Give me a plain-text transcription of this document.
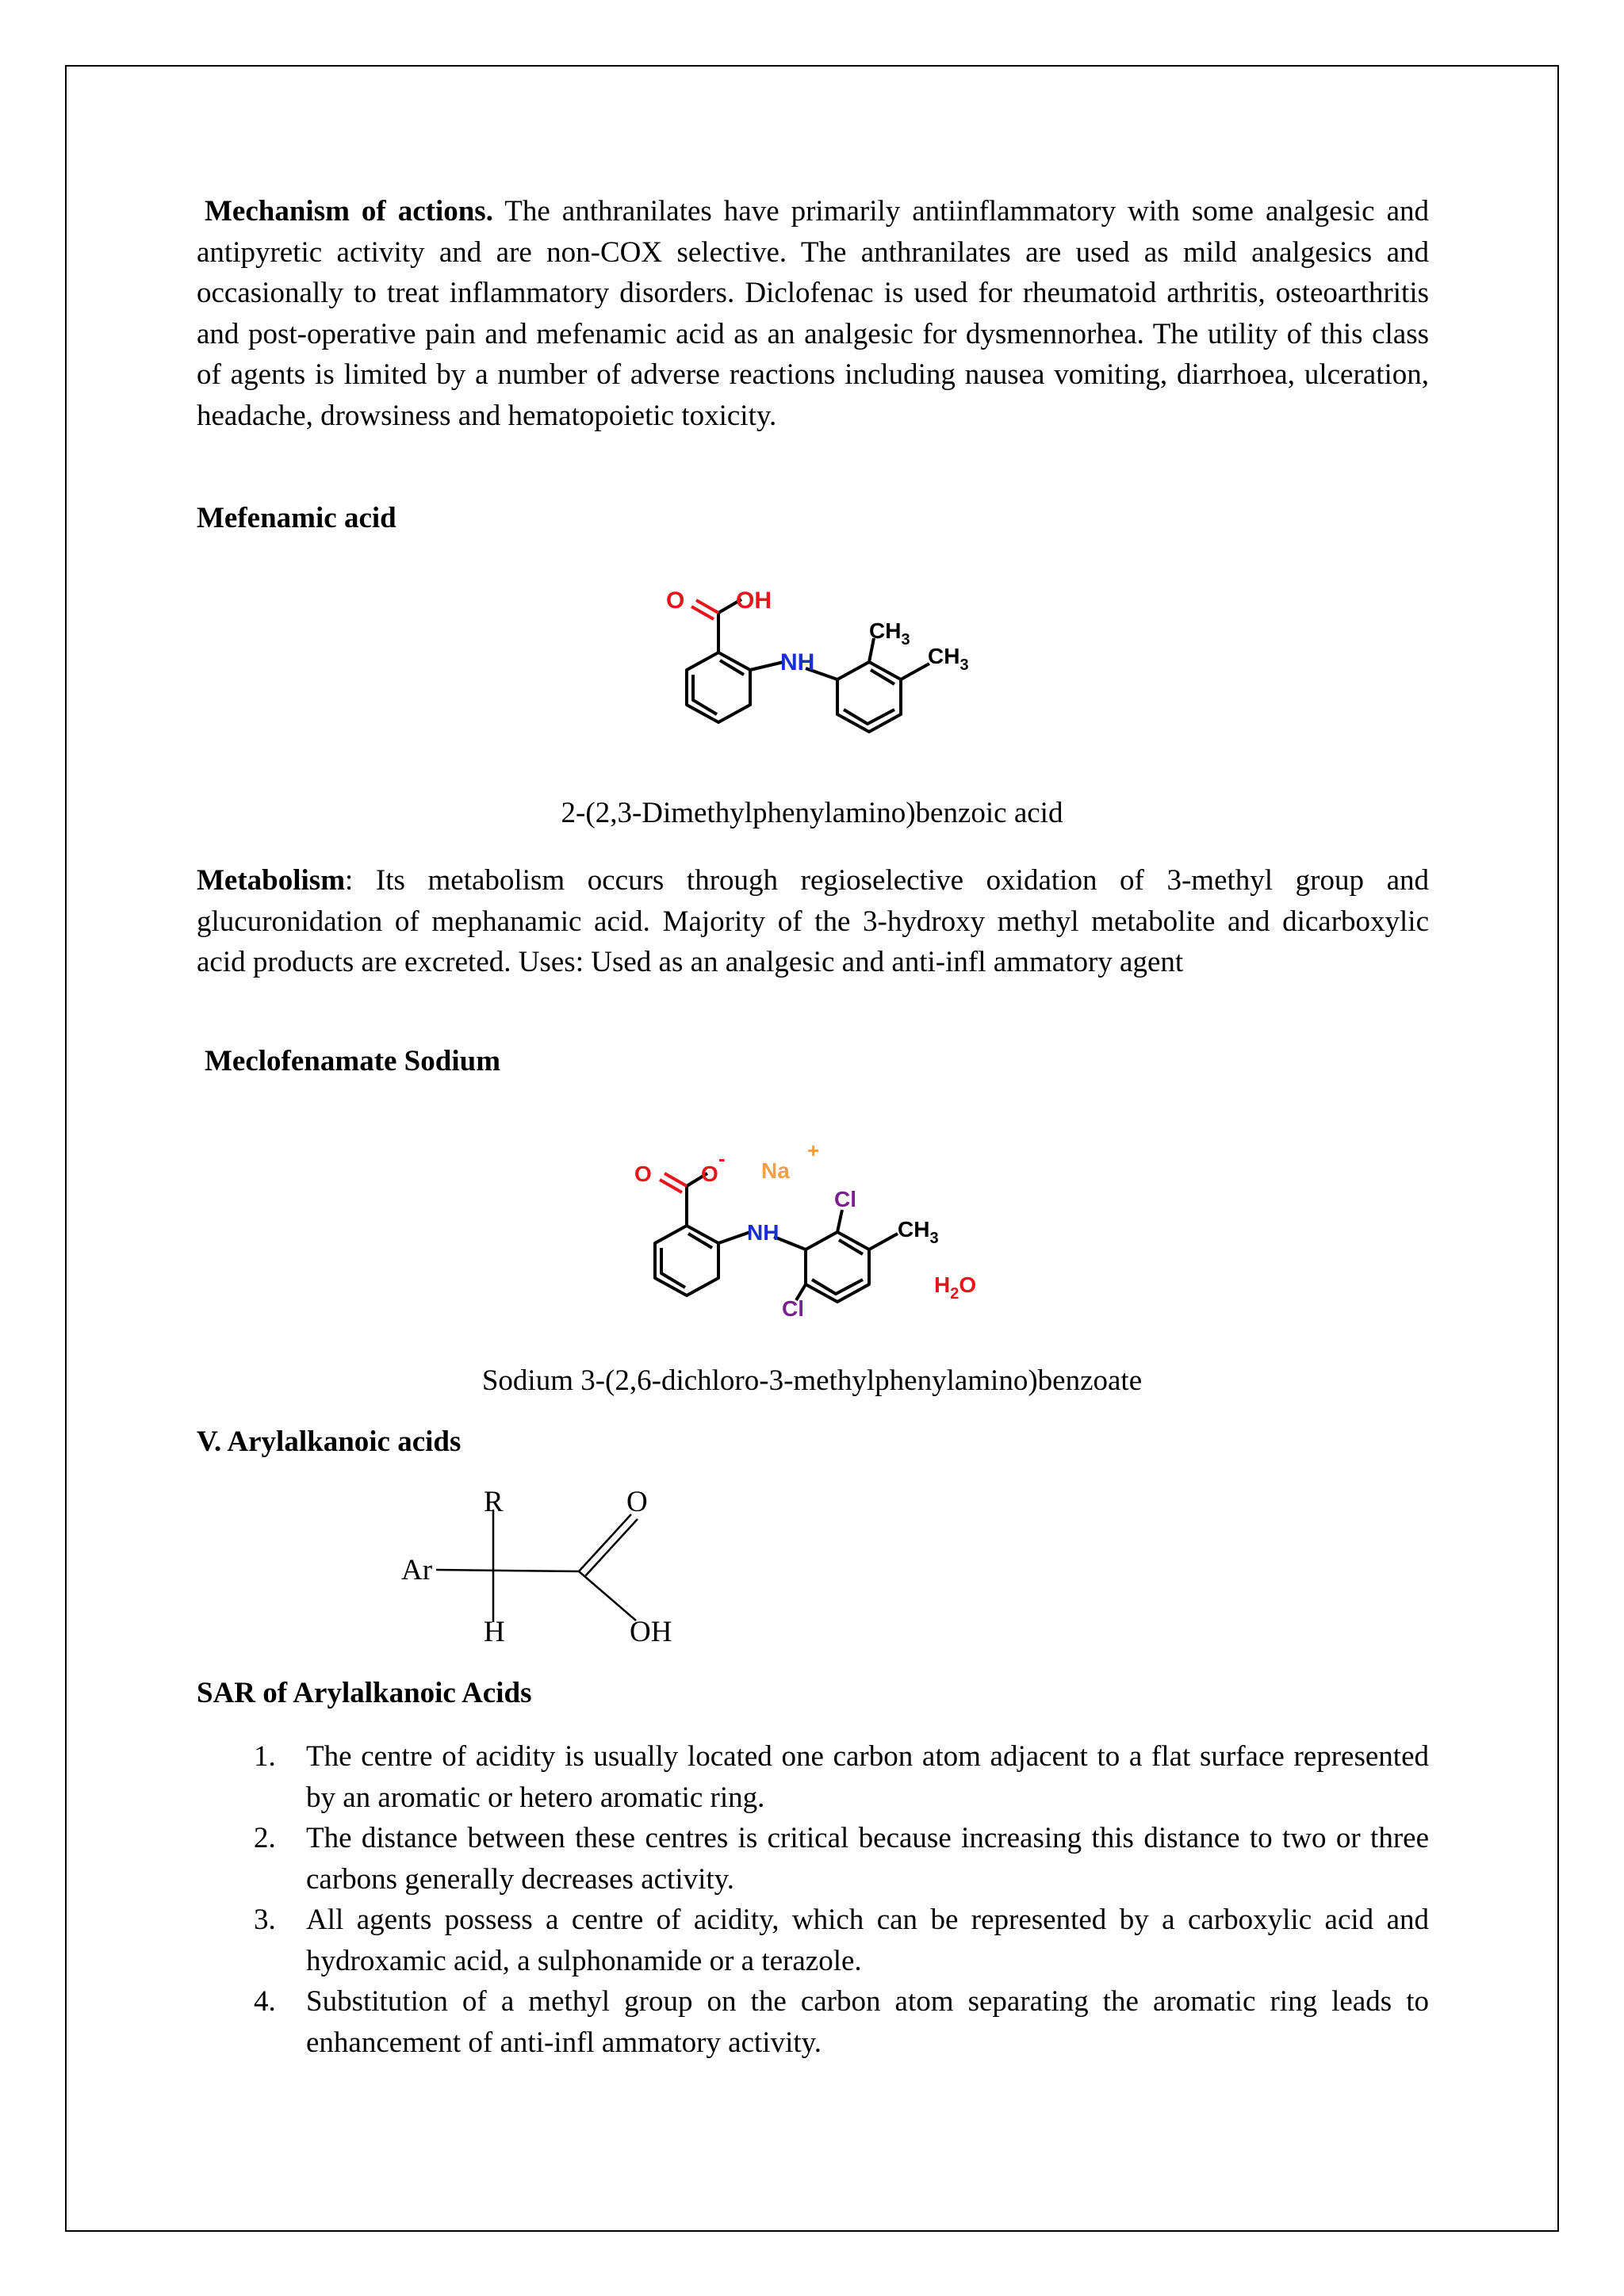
Mechanism of actions. The anthranilates have primarily antiinflammatory with some analgesic and antipyretic activity and are non-COX selective. The anthranilates are used as mild analgesics and occasionally to treat inflammatory disorders. Diclofenac is used for rheumatoid arthritis, osteoarthritis and post-operative pain and mefenamic acid as an analgesic for dysmennorhea. The utility of this class of agents is limited by a number of adverse reactions including nausea vomiting, diarrhoea, ulceration, headache, drowsiness and hematopoietic toxicity.

Mefenamic acid
O OH
NH
$CH_3$
$CH_3$
2-(2,3-Dimethylphenylamino)benzoic acid

Metabolism: Its metabolism occurs through regioselective oxidation of 3-methyl group and glucuronidation of mephanamic acid. Majority of the 3-hydroxy methyl metabolite and dicarboxylic acid products are excreted. Uses: Used as an analgesic and anti-infl ammatory agent

Meclofenamate Sodium
O O
- Na
+
NH
Cl
Cl
$CH_3$
$H_2O$
Sodium 3-(2,6-dichloro-3-methylphenylamino)benzoate
V. Arylalkanoic acids
R	O
Ar
H	OH
SAR of Arylalkanoic Acids
1. The centre of acidity is usually located one carbon atom adjacent to a flat surface represented by an aromatic or hetero aromatic ring.
2. The distance between these centres is critical because increasing this distance to two or three carbons generally decreases activity.
3. All agents possess a centre of acidity, which can be represented by a carboxylic acid and hydroxamic acid, a sulphonamide or a terazole.
4. Substitution of a methyl group on the carbon atom separating the aromatic ring leads to enhancement of anti-infl ammatory activity.
